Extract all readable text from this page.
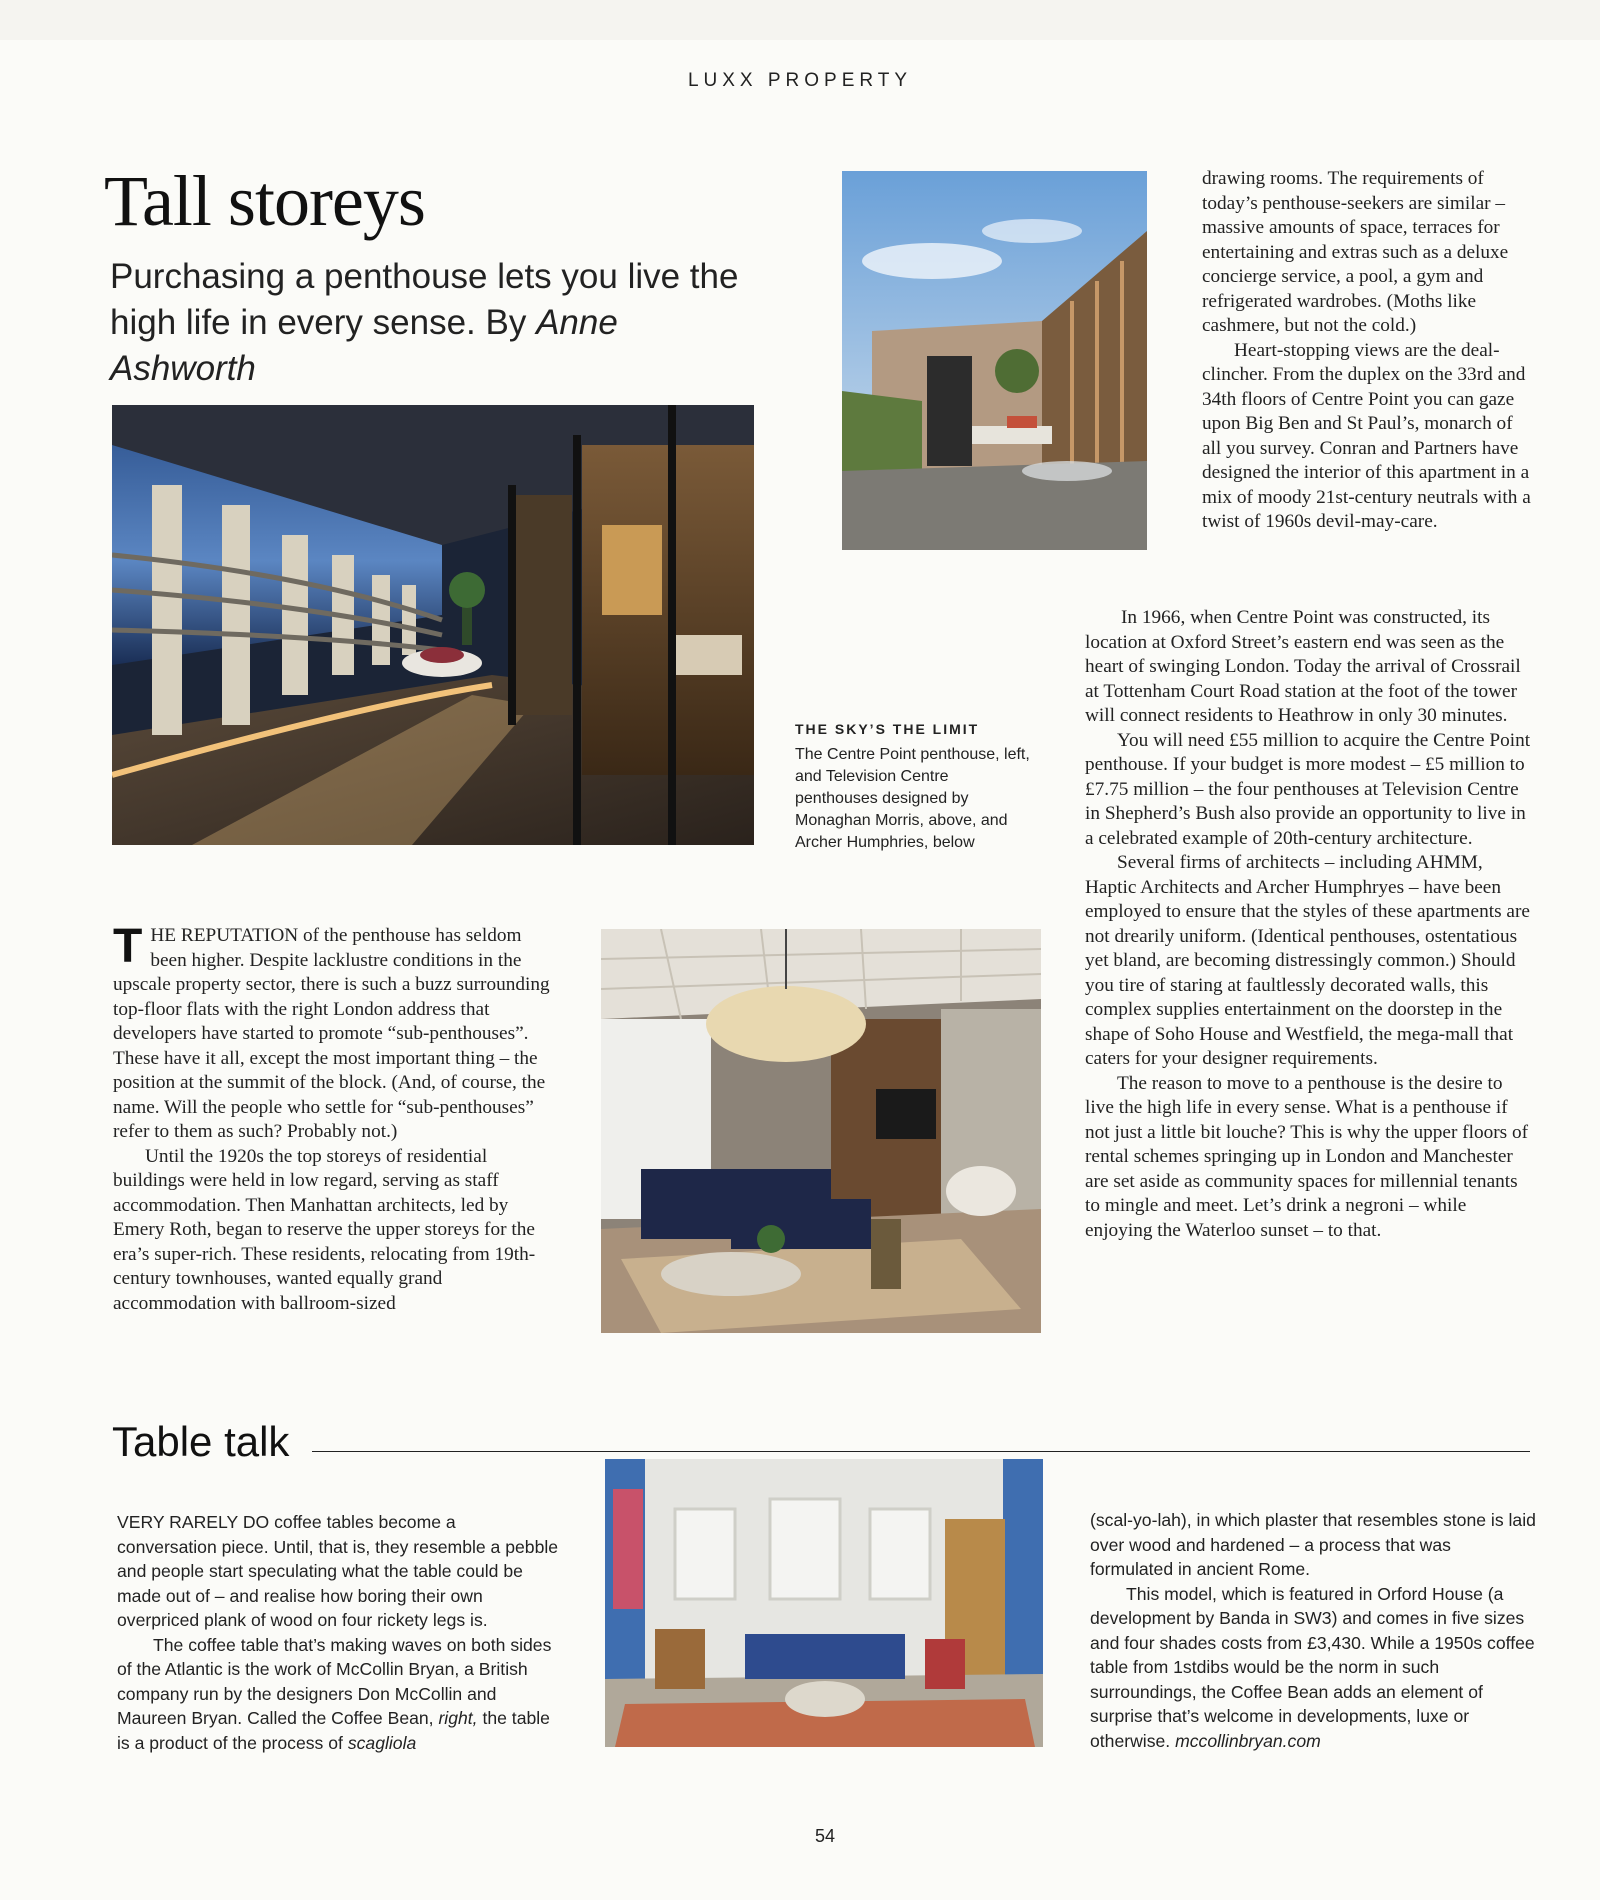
LUXX PROPERTY
Tall storeys
Purchasing a penthouse lets you live the high life in every sense. By Anne Ashworth
THE SKY’S THE LIMIT
The Centre Point penthouse, left, and Television Centre penthouses designed by Monaghan Morris, above, and Archer Humphries, below

THE REPUTATION of the penthouse has seldom been higher. Despite lacklustre conditions in the upscale property sector, there is such a buzz surrounding top-floor flats with the right London address that developers have started to promote “sub-penthouses”. These have it all, except the most important thing – the position at the summit of the block. (And, of course, the name. Will the people who settle for “sub-penthouses” refer to them as such? Probably not.)

Until the 1920s the top storeys of residential buildings were held in low regard, serving as staff accommodation. Then Manhattan architects, led by Emery Roth, began to reserve the upper storeys for the era’s super-rich. These residents, relocating from 19th-century townhouses, wanted equally grand accommodation with ballroom-sized

drawing rooms. The requirements of today’s penthouse-seekers are similar – massive amounts of space, terraces for entertaining and extras such as a deluxe concierge service, a pool, a gym and refrigerated wardrobes. (Moths like cashmere, but not the cold.)

Heart-stopping views are the deal-clincher. From the duplex on the 33rd and 34th floors of Centre Point you can gaze upon Big Ben and St Paul’s, monarch of all you survey. Conran and Partners have designed the interior of this apartment in a mix of moody 21st-century neutrals with a twist of 1960s devil-may-care.

In 1966, when Centre Point was constructed, its location at Oxford Street’s eastern end was seen as the heart of swinging London. Today the arrival of Crossrail at Tottenham Court Road station at the foot of the tower will connect residents to Heathrow in only 30 minutes.

You will need £55 million to acquire the Centre Point penthouse. If your budget is more modest – £5 million to £7.75 million – the four penthouses at Television Centre in Shepherd’s Bush also provide an opportunity to live in a celebrated example of 20th-century architecture.

Several firms of architects – including AHMM, Haptic Architects and Archer Humphryes – have been employed to ensure that the styles of these apartments are not drearily uniform. (Identical penthouses, ostentatious yet bland, are becoming distressingly common.) Should you tire of staring at faultlessly decorated walls, this complex supplies entertainment on the doorstep in the shape of Soho House and Westfield, the mega-mall that caters for your designer requirements.

The reason to move to a penthouse is the desire to live the high life in every sense. What is a penthouse if not just a little bit louche? This is why the upper floors of rental schemes springing up in London and Manchester are set aside as community spaces for millennial tenants to mingle and meet. Let’s drink a negroni – while enjoying the Waterloo sunset – to that.

Table talk

VERY RARELY DO coffee tables become a conversation piece. Until, that is, they resemble a pebble and people start speculating what the table could be made out of – and realise how boring their own overpriced plank of wood on four rickety legs is.

The coffee table that’s making waves on both sides of the Atlantic is the work of McCollin Bryan, a British company run by the designers Don McCollin and Maureen Bryan. Called the Coffee Bean, right, the table is a product of the process of scagliola

(scal-yo-lah), in which plaster that resembles stone is laid over wood and hardened – a process that was formulated in ancient Rome.

This model, which is featured in Orford House (a development by Banda in SW3) and comes in five sizes and four shades costs from £3,430. While a 1950s coffee table from 1stdibs would be the norm in such surroundings, the Coffee Bean adds an element of surprise that’s welcome in developments, luxe or otherwise. mccollinbryan.com

54
